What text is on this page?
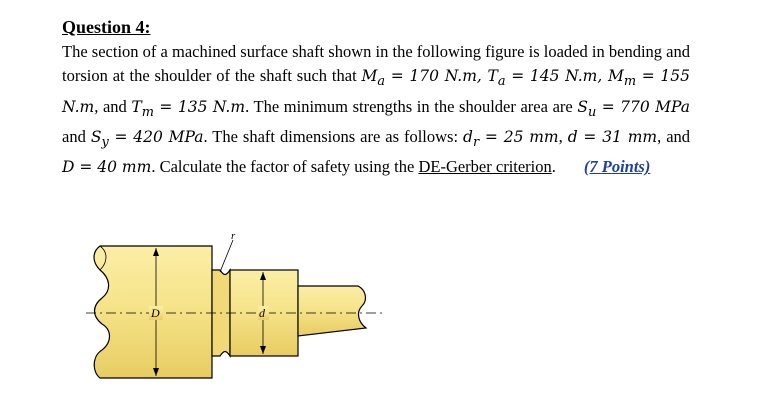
Question 4:
The section of a machined surface shaft shown in the following figure is loaded in bending and torsion at the shoulder of the shaft such that $M_a = 170$ N.m, $T_a = 145$ N.m, $M_m = 155$ N.m, and $T_m = 135$ N.m. The minimum strengths in the shoulder area are $S_u = 770$ MPa and $S_y = 420$ MPa. The shaft dimensions are as follows: $d_r = 25$ mm, d = 31 mm, and D = 40 mm. Calculate the factor of safety using the DE-Gerber criterion. (7 Points)
r
D	d
